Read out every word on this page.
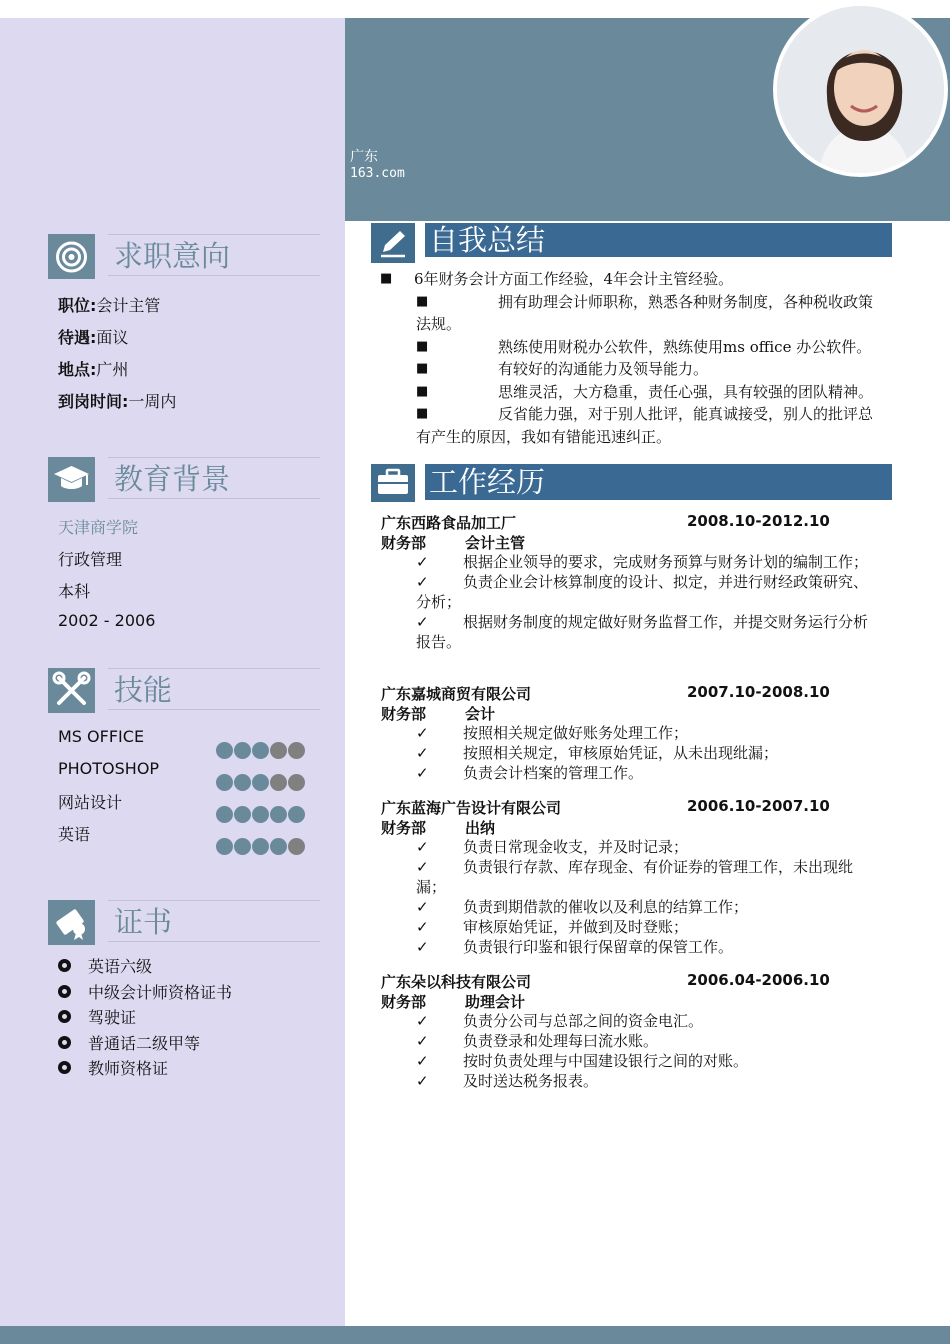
广东
163.com
求职意向
职位:会计主管
待遇:面议
地点:广州
到岗时间:一周内
教育背景
天津商学院
行政管理
本科
2002 - 2006
技能
MS OFFICE
PHOTOSHOP
网站设计
英语
证书
英语六级
中级会计师资格证书
驾驶证
普通话二级甲等
教师资格证
自我总结

■ 6年财务会计方面工作经验，4年会计主管经验。

■	拥有助理会计师职称，熟悉各种财务制度，各种税收政策法规。

■	熟练使用财税办公软件，熟练使用ms office 办公软件。

■	有较好的沟通能力及领导能力。

■	思维灵活，大方稳重，责任心强，具有较强的团队精神。

■	反省能力强，对于别人批评，能真诚接受，别人的批评总有产生的原因，我如有错能迅速纠正。

工作经历
广东西路食品加工厂	2008.10-2012.10
财务部	会计主管
✓ 根据企业领导的要求，完成财务预算与财务计划的编制工作；
✓ 负责企业会计核算制度的设计、拟定，并进行财经政策研究、分析；
✓ 根据财务制度的规定做好财务监督工作，并提交财务运行分析报告。
广东嘉城商贸有限公司	2007.10-2008.10
财务部	会计
✓ 按照相关规定做好账务处理工作；
✓ 按照相关规定，审核原始凭证，从未出现纰漏；
✓ 负责会计档案的管理工作。
广东蓝海广告设计有限公司	2006.10-2007.10
财务部	出纳
✓ 负责日常现金收支，并及时记录；
✓ 负责银行存款、库存现金、有价证券的管理工作，未出现纰漏；
✓ 负责到期借款的催收以及利息的结算工作；
✓ 审核原始凭证，并做到及时登账；
✓ 负责银行印鉴和银行保留章的保管工作。
广东朵以科技有限公司	2006.04-2006.10
财务部	助理会计
✓ 负责分公司与总部之间的资金电汇。
✓ 负责登录和处理每曰流水账。
✓ 按时负责处理与中国建设银行之间的对账。
✓ 及时送达税务报表。
